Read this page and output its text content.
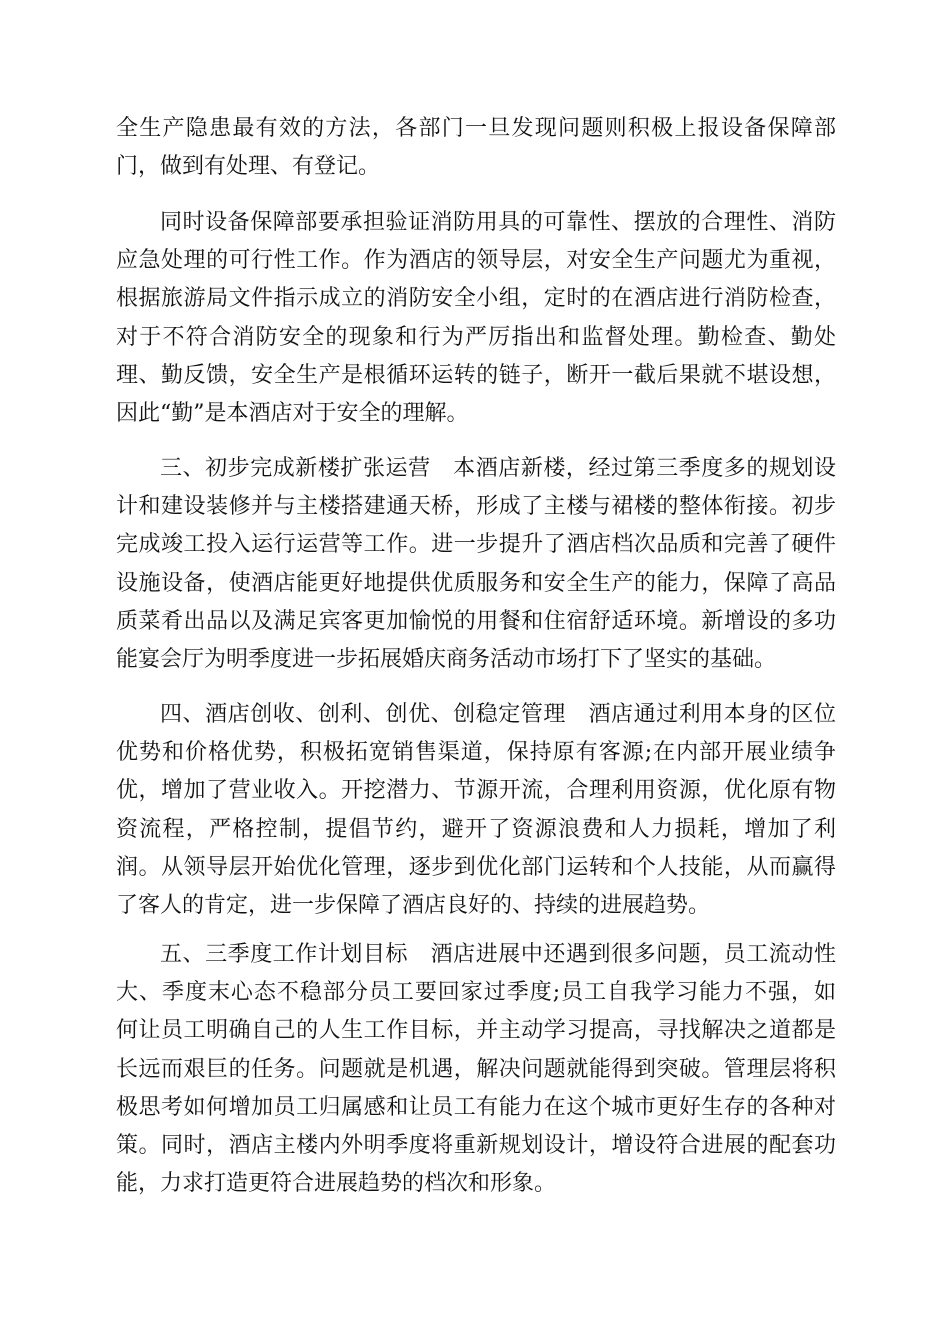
全生产隐患最有效的方法，各部门一旦发现问题则积极上报设备保障部
门，做到有处理、有登记。
同时设备保障部要承担验证消防用具的可靠性、摆放的合理性、消防
应急处理的可行性工作。作为酒店的领导层，对安全生产问题尤为重视，
根据旅游局文件指示成立的消防安全小组，定时的在酒店进行消防检查，
对于不符合消防安全的现象和行为严厉指出和监督处理。勤检查、勤处
理、勤反馈，安全生产是根循环运转的链子，断开一截后果就不堪设想，
因此“勤”是本酒店对于安全的理解。
三、初步完成新楼扩张运营　本酒店新楼，经过第三季度多的规划设
计和建设装修并与主楼搭建通天桥，形成了主楼与裙楼的整体衔接。初步
完成竣工投入运行运营等工作。进一步提升了酒店档次品质和完善了硬件
设施设备，使酒店能更好地提供优质服务和安全生产的能力，保障了高品
质菜肴出品以及满足宾客更加愉悦的用餐和住宿舒适环境。新增设的多功
能宴会厅为明季度进一步拓展婚庆商务活动市场打下了坚实的基础。
四、酒店创收、创利、创优、创稳定管理　酒店通过利用本身的区位
优势和价格优势，积极拓宽销售渠道，保持原有客源;在内部开展业绩争
优，增加了营业收入。开挖潜力、节源开流，合理利用资源，优化原有物
资流程，严格控制，提倡节约，避开了资源浪费和人力损耗，增加了利
润。从领导层开始优化管理，逐步到优化部门运转和个人技能，从而赢得
了客人的肯定，进一步保障了酒店良好的、持续的进展趋势。
五、三季度工作计划目标　酒店进展中还遇到很多问题，员工流动性
大、季度末心态不稳部分员工要回家过季度;员工自我学习能力不强，如
何让员工明确自己的人生工作目标，并主动学习提高，寻找解决之道都是
长远而艰巨的任务。问题就是机遇，解决问题就能得到突破。管理层将积
极思考如何增加员工归属感和让员工有能力在这个城市更好生存的各种对
策。同时，酒店主楼内外明季度将重新规划设计，增设符合进展的配套功
能，力求打造更符合进展趋势的档次和形象。
